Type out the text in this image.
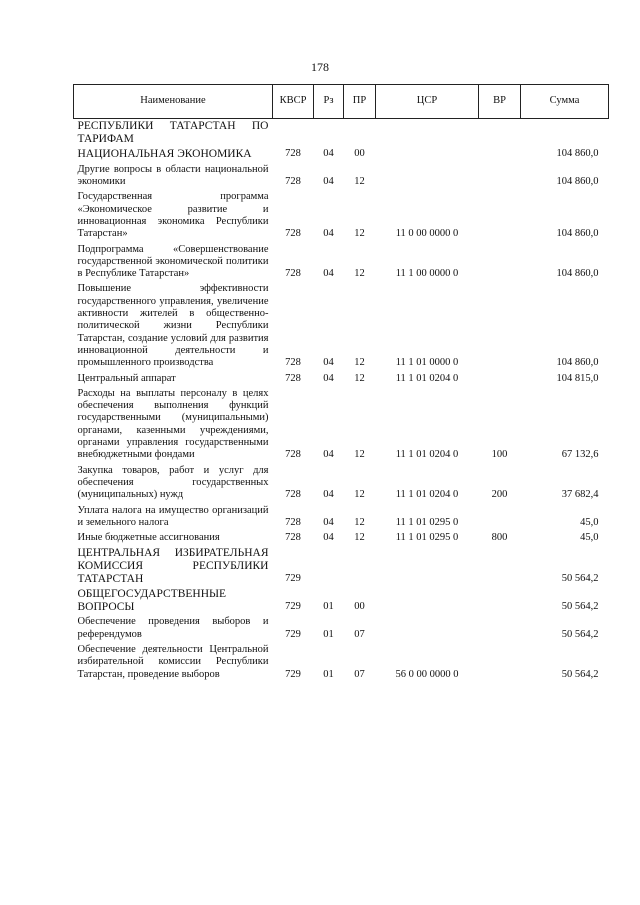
178
Наименование	КВСР	Рз	ПР	ЦСР	ВР	Сумма
РЕСПУБЛИКИ ТАТАРСТАН ПО ТАРИФАМ						
НАЦИОНАЛЬНАЯ ЭКОНОМИКА	728	04	00			104 860,0
Другие вопросы в области национальной экономики	728	04	12			104 860,0
Государственная программа «Экономическое развитие и инновационная экономика Республики Татарстан»	728	04	12	11 0 00 0000 0		104 860,0
Подпрограмма «Совершенствование государственной экономической политики в Республике Татарстан»	728	04	12	11 1 00 0000 0		104 860,0
Повышение эффективности государственного управления, увеличение активности жителей в общественно-политической жизни Республики Татарстан, создание условий для развития инновационной деятельности и промышленного производства	728	04	12	11 1 01 0000 0		104 860,0
Центральный аппарат	728	04	12	11 1 01 0204 0		104 815,0
Расходы на выплаты персоналу в целях обеспечения выполнения функций государственными (муниципальными) органами, казенными учреждениями, органами управления государственными внебюджетными фондами	728	04	12	11 1 01 0204 0	100	67 132,6
Закупка товаров, работ и услуг для обеспечения государственных (муниципальных) нужд	728	04	12	11 1 01 0204 0	200	37 682,4
Уплата налога на имущество организаций и земельного налога	728	04	12	11 1 01 0295 0		45,0
Иные бюджетные ассигнования	728	04	12	11 1 01 0295 0	800	45,0
ЦЕНТРАЛЬНАЯ ИЗБИРАТЕЛЬНАЯ КОМИССИЯ РЕСПУБЛИКИ ТАТАРСТАН	729					50 564,2
ОБЩЕГОСУДАРСТВЕННЫЕ ВОПРОСЫ	729	01	00			50 564,2
Обеспечение проведения выборов и референдумов	729	01	07			50 564,2
Обеспечение деятельности Центральной избирательной комиссии Республики Татарстан, проведение выборов	729	01	07	56 0 00 0000 0		50 564,2
